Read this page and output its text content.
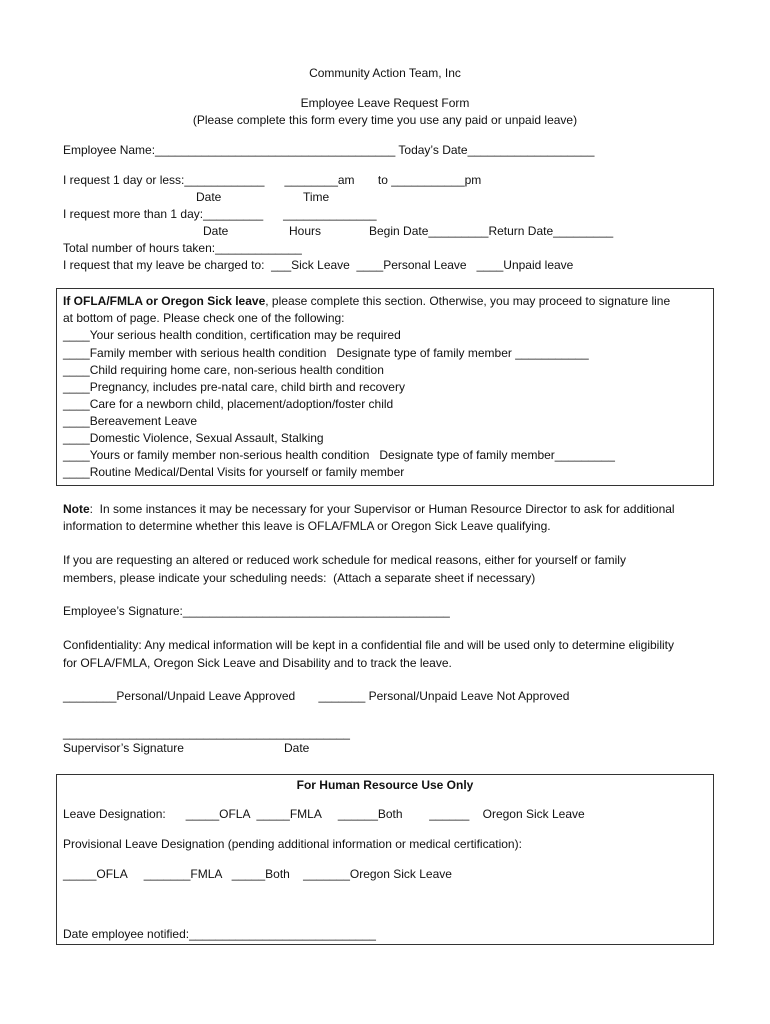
Community Action Team, Inc
Employee Leave Request Form
(Please complete this form every time you use any paid or unpaid leave)
Employee Name:____________________________________ Today’s Date___________________
I request 1 day or less:____________      ________am       to ___________pm
Date	Time
I request more than 1 day:_________      ______________
Date	Hours	Begin Date_________Return Date_________
Total number of hours taken:_____________
I request that my leave be charged to:  ___Sick Leave  ____Personal Leave   ____Unpaid leave
If OFLA/FMLA or Oregon Sick leave, please complete this section. Otherwise, you may proceed to signature line
at bottom of page. Please check one of the following:
____Your serious health condition, certification may be required
____Family member with serious health condition   Designate type of family member ___________
____Child requiring home care, non-serious health condition
____Pregnancy, includes pre-natal care, child birth and recovery
____Care for a newborn child, placement/adoption/foster child
____Bereavement Leave
____Domestic Violence, Sexual Assault, Stalking
____Yours or family member non-serious health condition   Designate type of family member_________
____Routine Medical/Dental Visits for yourself or family member
Note:  In some instances it may be necessary for your Supervisor or Human Resource Director to ask for additional
information to determine whether this leave is OFLA/FMLA or Oregon Sick Leave qualifying.
If you are requesting an altered or reduced work schedule for medical reasons, either for yourself or family
members, please indicate your scheduling needs:  (Attach a separate sheet if necessary)
Employee’s Signature:________________________________________
Confidentiality: Any medical information will be kept in a confidential file and will be used only to determine eligibility
for OFLA/FMLA, Oregon Sick Leave and Disability and to track the leave.
________Personal/Unpaid Leave Approved       _______ Personal/Unpaid Leave Not Approved
___________________________________________
Supervisor’s Signature	Date
For Human Resource Use Only
Leave Designation:      _____OFLA  _____FMLA     ______Both        ______    Oregon Sick Leave
Provisional Leave Designation (pending additional information or medical certification):
_____OFLA     _______FMLA   _____Both    _______Oregon Sick Leave
Date employee notified:____________________________
